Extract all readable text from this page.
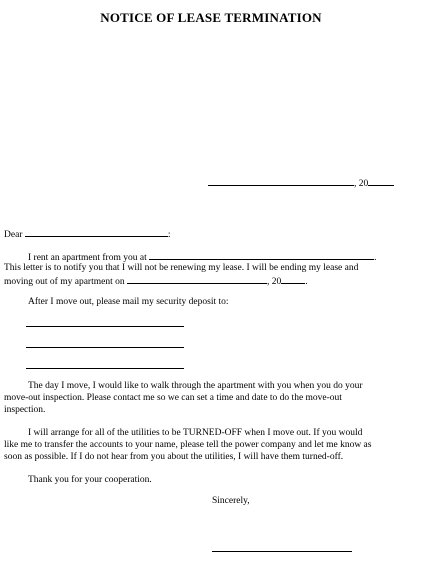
NOTICE OF LEASE TERMINATION
, 20
Dear	:
I rent an apartment from you at	.
This letter is to notify you that I will not be renewing my lease. I will be ending my lease and
moving out of my apartment on	, 20	.
After I move out, please mail my security deposit to:
The day I move, I would like to walk through the apartment with you when you do your
move-out inspection. Please contact me so we can set a time and date to do the move-out
inspection.
I will arrange for all of the utilities to be TURNED-OFF when I move out. If you would
like me to transfer the accounts to your name, please tell the power company and let me know as
soon as possible. If I do not hear from you about the utilities, I will have them turned-off.
Thank you for your cooperation.
Sincerely,
